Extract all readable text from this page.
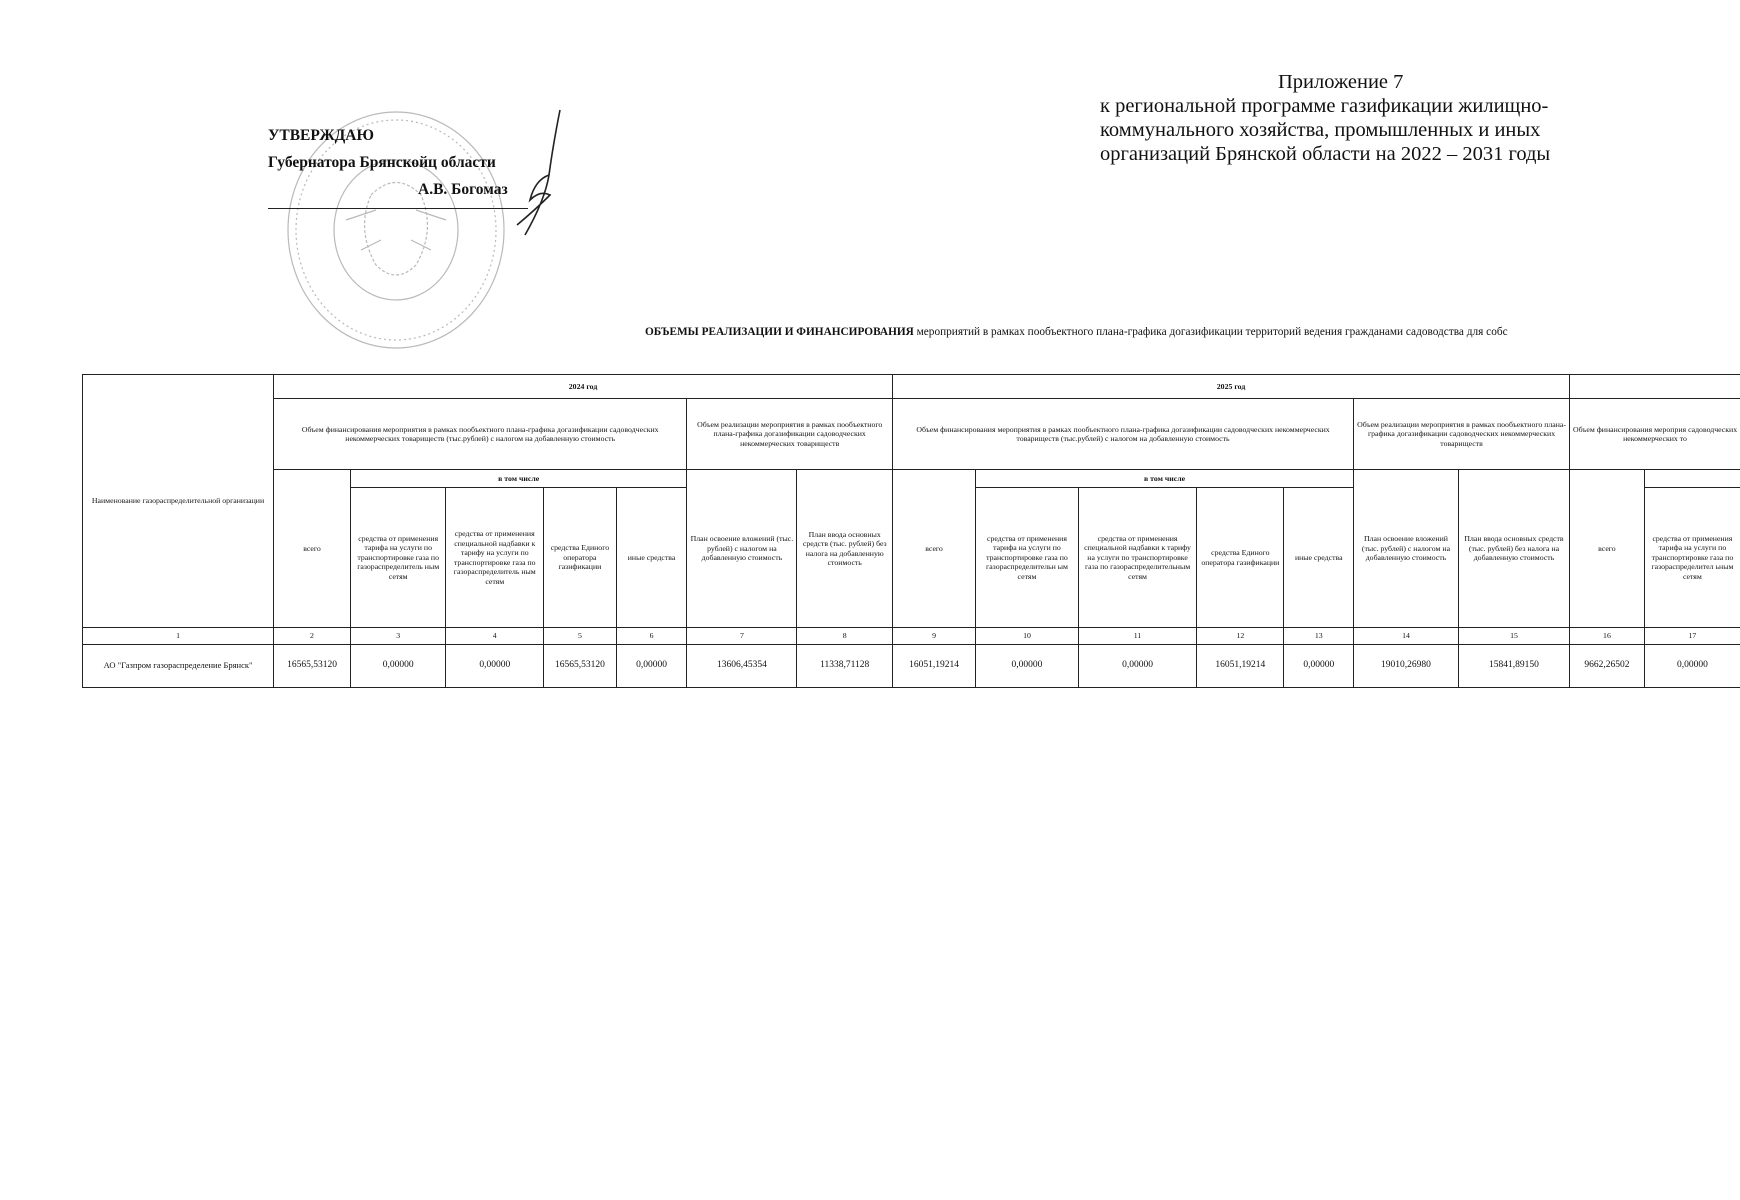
Приложение 7
к региональной программе газификации жилищно-
коммунального хозяйства, промышленных и иных
организаций Брянской области на 2022 – 2031 годы
УТВЕРЖДАЮ
Губернатора Брянскойц области
А.В. Богомаз
ОБЪЕМЫ РЕАЛИЗАЦИИ И ФИНАНСИРОВАНИЯ мероприятий в рамках пообъектного плана-графика догазификации территорий ведения гражданами садоводства для собс
Наименование газораспределительной организации	2024 год							2025 год								
	Объем финансирования мероприятия в рамках пообъектного плана-графика догазификации садоводческих некоммерческих товариществ (тыс.рублей) с налогом на добавленную стоимость					Объем реализации мероприятия в рамках пообъектного плана-графика догазификации садоводческих некоммерческих товариществ		Объем финансирования мероприятия в рамках пообъектного плана-графика догазификации садоводческих некоммерческих товариществ (тыс.рублей) с налогом на добавленную стоимость					Объем реализации мероприятия в рамках пообъектного плана-графика догазификации садоводческих некоммерческих товариществ		Объем финансирования мероприя садоводческих некоммерческих то	
	всего	в том числе				План освоение вложений (тыс. рублей) с налогом на добавленную стоимость	План ввода основных средств (тыс. рублей) без налога на добавленную стоимость	всего	в том числе				План освоение вложений (тыс. рублей) с налогом на добавленную стоимость	План ввода основных средств (тыс. рублей) без налога на добавленную стоимость	всего	
		средства от применения тарифа на услуги по транспортировке газа по газораспределитель ным сетям	средства от применения специальной надбавки к тарифу на услуги по транспортировке газа по газораспределитель ным сетям	средства Единого оператора газификации	иные средства				средства от применения тарифа на услуги по транспортировке газа по газораспределительн ым сетям	средства от применения специальной надбавки к тарифу на услуги по транспортировке газа по газораспределительным сетям	средства Единого оператора газификации	иные средства				средства от применения тарифа на услуги по транспортировке газа по газораспределител ьным сетям
1	2	3	4	5	6	7	8	9	10	11	12	13	14	15	16	17
АО "Газпром газораспределение Брянск"	16565,53120	0,00000	0,00000	16565,53120	0,00000	13606,45354	11338,71128	16051,19214	0,00000	0,00000	16051,19214	0,00000	19010,26980	15841,89150	9662,26502	0,00000
